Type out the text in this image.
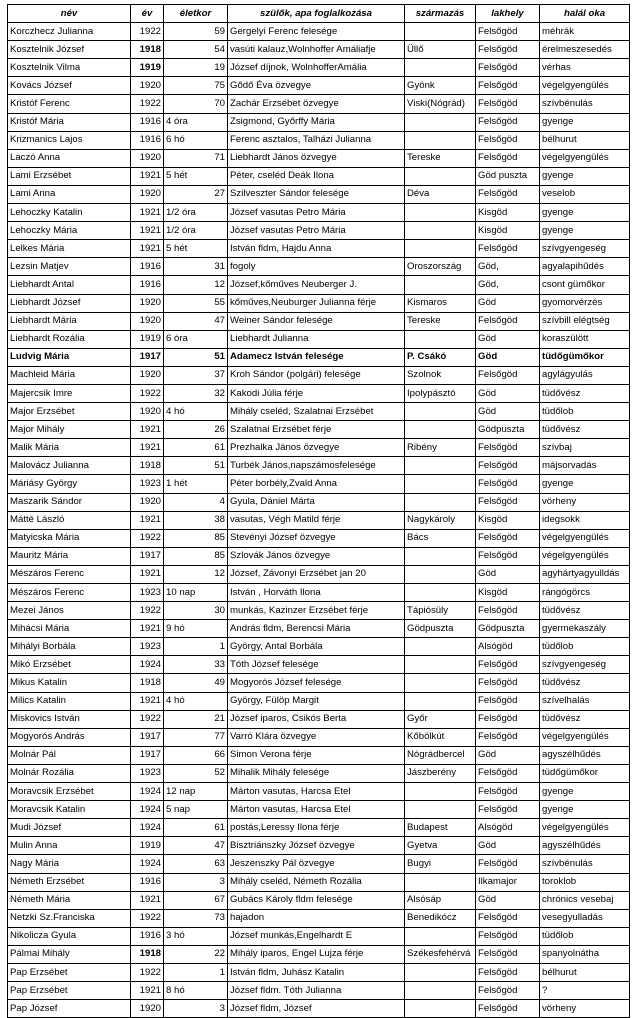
név	év	életkor	szülők, apa foglalkozása	származás	lakhely	halál oka
Korczhecz Julianna	1922	59	Gergelyi Ferenc felesége		Felsőgöd	méhrák
Kosztelnik József	1918	54	vasúti kalauz,Wolnhoffer Amáliafje	Üllő	Felsőgöd	érelmeszesedés
Kosztelnik Vilma	1919	19	József díjnok, WolnhofferAmália		Felsőgöd	vérhas
Kovács József	1920	75	Gődő Éva özvegye	Gyönk	Felsőgöd	végelgyengülés
Kristóf Ferenc	1922	70	Zachár Erzsébet özvegye	Viski(Nógrád)	Felsőgöd	szívbénulás
Kristóf Mária	1916	4 óra	Zsigmond, Győrffy Mária		Felsőgöd	gyenge
Krizmanics Lajos	1916	6 hó	Ferenc asztalos, Talházi Julianna		Felsőgöd	bélhurut
Laczó Anna	1920	71	Liebhardt János özvegye	Tereske	Felsőgöd	végelgyengülés
Lami Erzsébet	1921	5 hét	Péter, cseléd Deák Ilona		Göd puszta	gyenge
Lami Anna	1920	27	Szilveszter Sándor felesége	Déva	Felsőgöd	veselob
Lehoczky Katalin	1921	1/2 óra	József vasutas Petro Mária		Kisgöd	gyenge
Lehoczky Mária	1921	1/2 óra	József vasutas Petro Mária		Kisgöd	gyenge
Lelkes Mária	1921	5 hét	István fldm, Hajdu Anna		Felsőgöd	szívgyengeség
Lezsin Matjev	1916	31	fogoly	Oroszország	Göd,	agyalapihűdés
Liebhardt Antal	1916	12	József,kőműves Neuberger J.		Göd,	csont gümőkor
Liebhardt József	1920	55	kőműves,Neuburger Julianna férje	Kismaros	Göd	gyomorvérzés
Liebhardt Mária	1920	47	Weiner Sándor felesége	Tereske	Felsőgöd	szívbill elégtség
Liebhardt Rozália	1919	6 óra	Liebhardt Julianna		Göd	koraszülött
Ludvig Mária	1917	51	Adamecz István felesége	P. Csákó	Göd	tüdőgümőkor
Machleid Mária	1920	37	Kroh Sándor (polgári) felesége	Szolnok	Felsőgöd	agylágyulás
Majercsik Imre	1922	32	Kakodi Júlia férje	Ipolypásztó	Göd	tüdővész
Major Erzsébet	1920	4 hó	Mihály cseléd, Szalatnai Erzsébet		Göd	tüdőlob
Major Mihály	1921	26	Szalatnai Erzsébet férje		Gödpuszta	tüdővész
Malik Mária	1921	61	Prezhalka János özvegye	Ribény	Felsőgöd	szívbaj
Malovácz Julianna	1918	51	Turbék János,napszámosfelesége		Felsőgöd	májsorvadás
Máriásy György	1923	1 hét	Péter borbély,Zvald Anna		Felsőgöd	gyenge
Maszarik Sándor	1920	4	Gyula, Dániel Márta		Felsőgöd	vörheny
Mátté László	1921	38	vasutas, Végh Matild férje	Nagykároly	Kisgöd	idegsokk
Matyicska Mária	1922	85	Stevényi József özvegye	Bács	Felsőgöd	végelgyengülés
Mauritz Mária	1917	85	Szlovák János özvegye		Felsőgöd	végelgyengülés
Mészáros Ferenc	1921	12	József, Závonyi Erzsébet jan 20		Göd	agyhártyagyulldás
Mészáros Ferenc	1923	10 nap	István , Horváth Ilona		Kisgöd	rángógörcs
Mezei János	1922	30	munkás, Kazinzer Erzsébet férje	Tápiósüly	Felsőgöd	tüdővész
Mihácsi Mária	1921	9 hó	András fldm, Berencsi Mária	Gödpuszta	Gödpuszta	gyermekaszály
Mihályi Borbála	1923	1	György, Antal Borbála		Alsógöd	tüdőlob
Mikó Erzsébet	1924	33	Tóth József felesége		Felsőgöd	szívgyengeség
Mikus Katalin	1918	49	Mogyorós József felesége		Felsőgöd	tüdővész
Milics Katalin	1921	4 hó	György, Fülöp Margit		Felsőgöd	szívelhalás
Miskovics István	1922	21	József iparos, Csikós Berta	Győr	Felsőgöd	tüdővész
Mogyorós András	1917	77	Varró Klára özvegye	Kőbölkút	Felsőgöd	végelgyengülés
Molnár Pál	1917	66	Simon Verona férje	Nógrádbercel	Göd	agyszélhűdés
Molnár Rozália	1923	52	Mihalik Mihály felesége	Jászberény	Felsőgöd	tüdőgümőkor
Moravcsik Erzsébet	1924	12 nap	Márton vasutas, Harcsa Etel		Felsőgöd	gyenge
Moravcsik Katalin	1924	5 nap	Márton vasutas, Harcsa Etel		Felsőgöd	gyenge
Mudi József	1924	61	postás,Leressy Ilona férje	Budapest	Alsógöd	végelgyengülés
Mulin Anna	1919	47	Bisztriánszky József özvegye	Gyetva	Göd	agyszélhűdés
Nagy Mária	1924	63	Jeszenszky Pál özvegye	Bugyi	Felsőgöd	szívbénulás
Németh Erzsébet	1916	3	Mihály cseléd, Németh Rozália		Ilkamajor	toroklob
Németh Mária	1921	67	Gubács Károly fldm felesége	Alsósáp	Göd	chrónics vesebaj
Netzki Sz.Franciska	1922	73	hajadon	Benedikócz	Felsőgöd	vesegyulladás
Nikolicza Gyula	1916	3 hó	József munkás,Engelhardt E		Felsőgöd	tüdőlob
Pálmai Mihály	1918	22	Mihály iparos, Engel Lujza férje	Székesfehérvá	Felsőgöd	spanyolnátha
Pap Erzsébet	1922	1	István fldm, Juhász Katalin		Felsőgöd	bélhurut
Pap Erzsébet	1921	8 hó	József fldm. Tóth Julianna		Felsőgöd	?
Pap József	1920	3	József fldm, József		Felsőgöd	vörheny
